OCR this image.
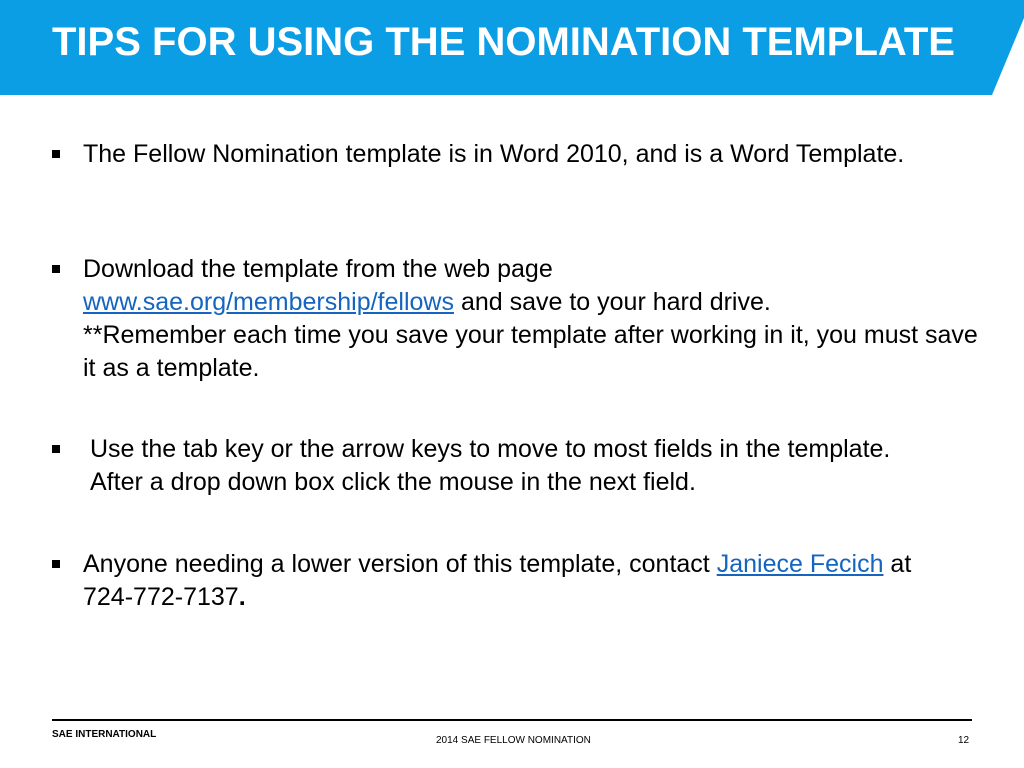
TIPS FOR USING THE NOMINATION TEMPLATE
The Fellow Nomination template is in Word 2010, and is a Word Template.
Download the template from the web page
www.sae.org/membership/fellows and save to your hard drive.
**Remember each time you save your template after working in it, you must save it as a template.
Use the tab key or the arrow keys to move to most fields in the template. After a drop down box click the mouse in the next field.
Anyone needing a lower version of this template, contact Janiece Fecich at 724-772-7137.
SAE INTERNATIONAL
2014 SAE FELLOW NOMINATION	12
